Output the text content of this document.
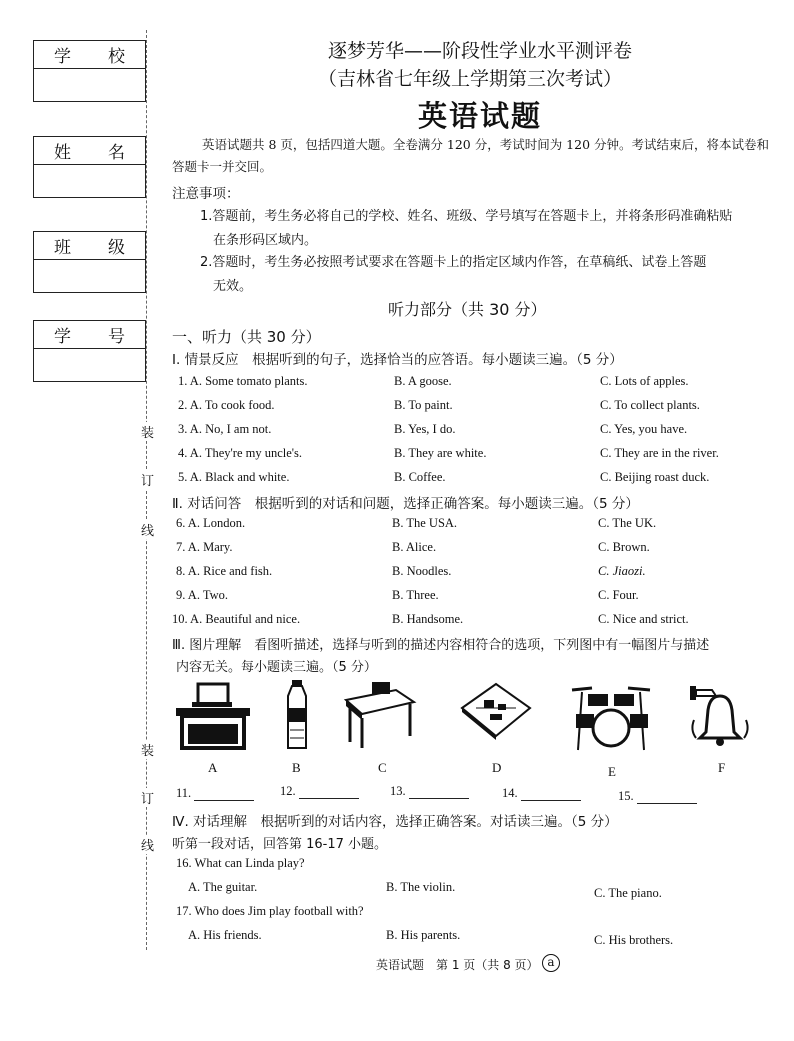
学 校
姓 名
班 级
学 号
装
订
线
装
订
线
逐梦芳华——阶段性学业水平测评卷
（吉林省七年级上学期第三次考试）
英语试题
英语试题共 8 页，包括四道大题。全卷满分 120 分，考试时间为 120 分钟。考试结束后，将本试卷和答题卡一并交回。
注意事项：
1.答题前，考生务必将自己的学校、姓名、班级、学号填写在答题卡上，并将条形码准确粘贴
在条形码区域内。
2.答题时，考生务必按照考试要求在答题卡上的指定区域内作答，在草稿纸、试卷上答题
无效。
听力部分（共 30 分）
一、听力（共 30 分）
Ⅰ. 情景反应　根据听到的句子，选择恰当的应答语。每小题读三遍。（5 分）
1. A. Some tomato plants.	B. A goose.	C. Lots of apples.
2. A. To cook food.	B. To paint.	C. To collect plants.
3. A. No, I am not.	B. Yes, I do.	C. Yes, you have.
4. A. They're my uncle's.	B. They are white.	C. They are in the river.
5. A. Black and white.	B. Coffee.	C. Beijing roast duck.
Ⅱ. 对话问答　根据听到的对话和问题，选择正确答案。每小题读三遍。（5 分）
6. A. London.	B. The USA.	C. The UK.
7. A. Mary.	B. Alice.	C. Brown.
8. A. Rice and fish.	B. Noodles.	C. Jiaozi.
9. A. Two.	B. Three.	C. Four.
10. A. Beautiful and nice.	B. Handsome.	C. Nice and strict.
Ⅲ. 图片理解　看图听描述，选择与听到的描述内容相符合的选项，下列图中有一幅图片与描述
内容无关。每小题读三遍。（5 分）
A	B	C	D	E	F
11.	12.	13.	14.	15.
Ⅳ. 对话理解　根据听到的对话内容，选择正确答案。对话读三遍。（5 分）
听第一段对话，回答第 16-17 小题。
16. What can Linda play?
A. The guitar.	B. The violin.	C. The piano.
17. Who does Jim play football with?
A. His friends.	B. His parents.	C. His brothers.
英语试题　第 1 页（共 8 页） a
